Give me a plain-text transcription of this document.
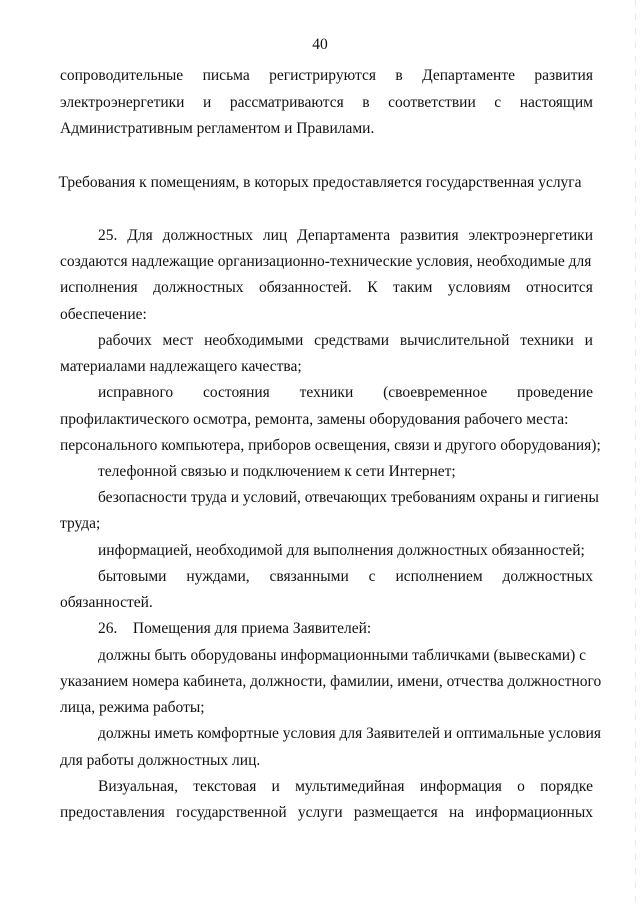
40
сопроводительные письма регистрируются в Департаменте развития
электроэнергетики и рассматриваются в соответствии с настоящим
Административным регламентом и Правилами.
Требования к помещениям, в которых предоставляется государственная услуга
25. Для должностных лиц Департамента развития электроэнергетики
создаются надлежащие организационно-технические условия, необходимые для
исполнения должностных обязанностей. К таким условиям относится
обеспечение:
рабочих мест необходимыми средствами вычислительной техники и
материалами надлежащего качества;
исправного состояния техники (своевременное проведение
профилактического осмотра, ремонта, замены оборудования рабочего места:
персонального компьютера, приборов освещения, связи и другого оборудования);
телефонной связью и подключением к сети Интернет;
безопасности труда и условий, отвечающих требованиям охраны и гигиены
труда;
информацией, необходимой для выполнения должностных обязанностей;
бытовыми нуждами, связанными с исполнением должностных
обязанностей.
26. Помещения для приема Заявителей:
должны быть оборудованы информационными табличками (вывесками) с
указанием номера кабинета, должности, фамилии, имени, отчества должностного
лица, режима работы;
должны иметь комфортные условия для Заявителей и оптимальные условия
для работы должностных лиц.
Визуальная, текстовая и мультимедийная информация о порядке
предоставления государственной услуги размещается на информационных
